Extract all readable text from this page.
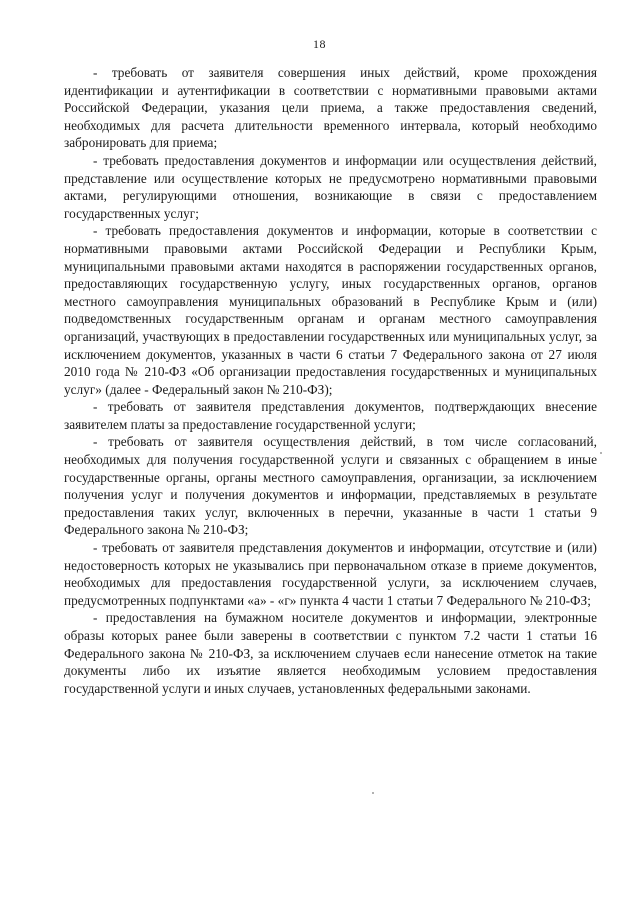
18

- требовать от заявителя совершения иных действий, кроме прохождения идентификации и аутентификации в соответствии с нормативными правовыми актами Российской Федерации, указания цели приема, а также предоставления сведений, необходимых для расчета длительности временного интервала, который необходимо забронировать для приема;

- требовать предоставления документов и информации или осуществления действий, представление или осуществление которых не предусмотрено нормативными правовыми актами, регулирующими отношения, возникающие в связи с предоставлением государственных услуг;

- требовать предоставления документов и информации, которые в соответствии с нормативными правовыми актами Российской Федерации и Республики Крым, муниципальными правовыми актами находятся в распоряжении государственных органов, предоставляющих государственную услугу, иных государственных органов, органов местного самоуправления муниципальных образований в Республике Крым и (или) подведомственных государственным органам и органам местного самоуправления организаций, участвующих в предоставлении государственных или муниципальных услуг, за исключением документов, указанных в части 6 статьи 7 Федерального закона от 27 июля 2010 года № 210-ФЗ «Об организации предоставления государственных и муниципальных услуг» (далее - Федеральный закон № 210-ФЗ);

- требовать от заявителя представления документов, подтверждающих внесение заявителем платы за предоставление государственной услуги;

- требовать от заявителя осуществления действий, в том числе согласований, необходимых для получения государственной услуги и связанных с обращением в иные государственные органы, органы местного самоуправления, организации, за исключением получения услуг и получения документов и информации, представляемых в результате предоставления таких услуг, включенных в перечни, указанные в части 1 статьи 9 Федерального закона № 210-ФЗ;

- требовать от заявителя представления документов и информации, отсутствие и (или) недостоверность которых не указывались при первоначальном отказе в приеме документов, необходимых для предоставления государственной услуги, за исключением случаев, предусмотренных подпунктами «а» - «г» пункта 4 части 1 статьи 7 Федерального № 210-ФЗ;

- предоставления на бумажном носителе документов и информации, электронные образы которых ранее были заверены в соответствии с пунктом 7.2 части 1 статьи 16 Федерального закона № 210-ФЗ, за исключением случаев если нанесение отметок на такие документы либо их изъятие является необходимым условием предоставления государственной услуги и иных случаев, установленных федеральными законами.
